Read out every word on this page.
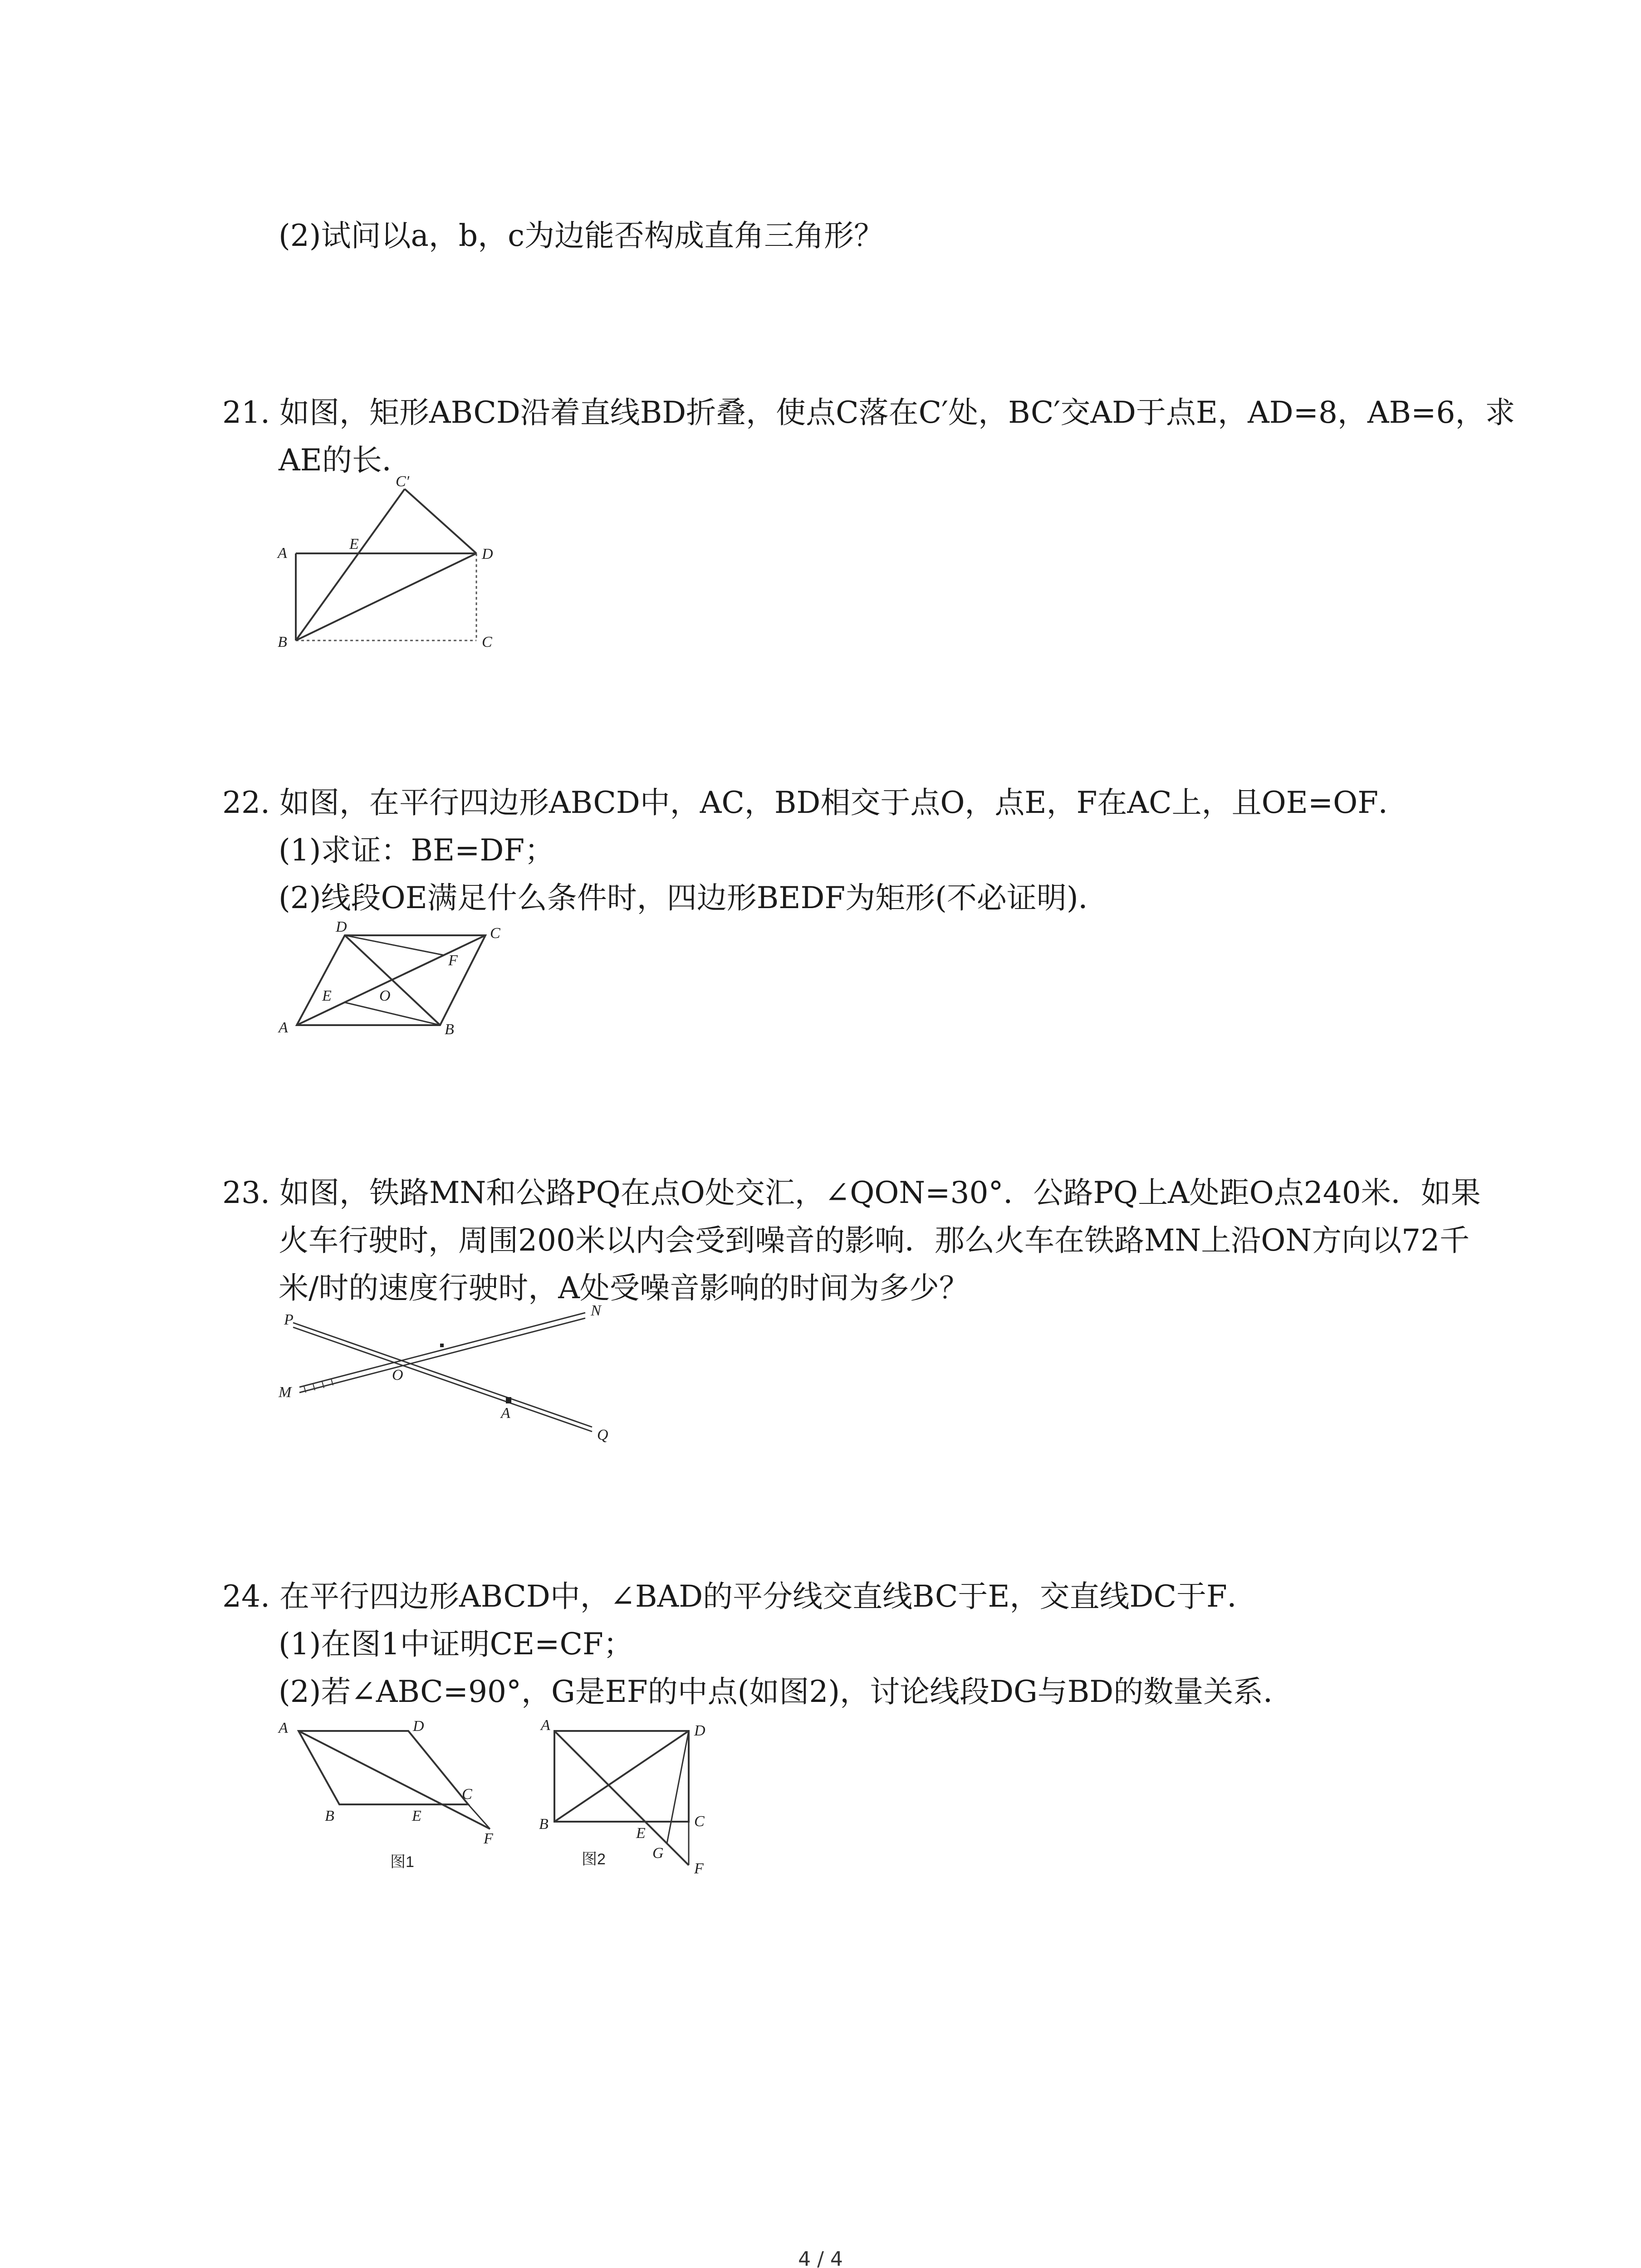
(2)试问以a，b，c为边能否构成直角三角形？
21. 如图，矩形ABCD沿着直线BD折叠，使点C落在C′处，BC′交AD于点E，AD=8，AB=6，求
AE的长．
A
B	C
D
E
C′
22. 如图，在平行四边形ABCD中，AC，BD相交于点O，点E，F在AC上，且OE=OF．
(1)求证：BE=DF；
(2)线段OE满足什么条件时，四边形BEDF为矩形(不必证明)．
A	B
C
D
E
F
O
23. 如图，铁路MN和公路PQ在点O处交汇，∠QON=30°．公路PQ上A处距O点240米．如果
火车行驶时，周围200米以内会受到噪音的影响．那么火车在铁路MN上沿ON方向以72千
米/时的速度行驶时，A处受噪音影响的时间为多少？
P
N
M
O
A
Q
24. 在平行四边形ABCD中，∠BAD的平分线交直线BC于E，交直线DC于F．
(1)在图1中证明CE=CF；
(2)若∠ABC=90°，G是EF的中点(如图2)，讨论线段DG与BD的数量关系．
A
B
C
D
E
F
图1
A
B	C
D
E
F
G
图2
4 / 4
